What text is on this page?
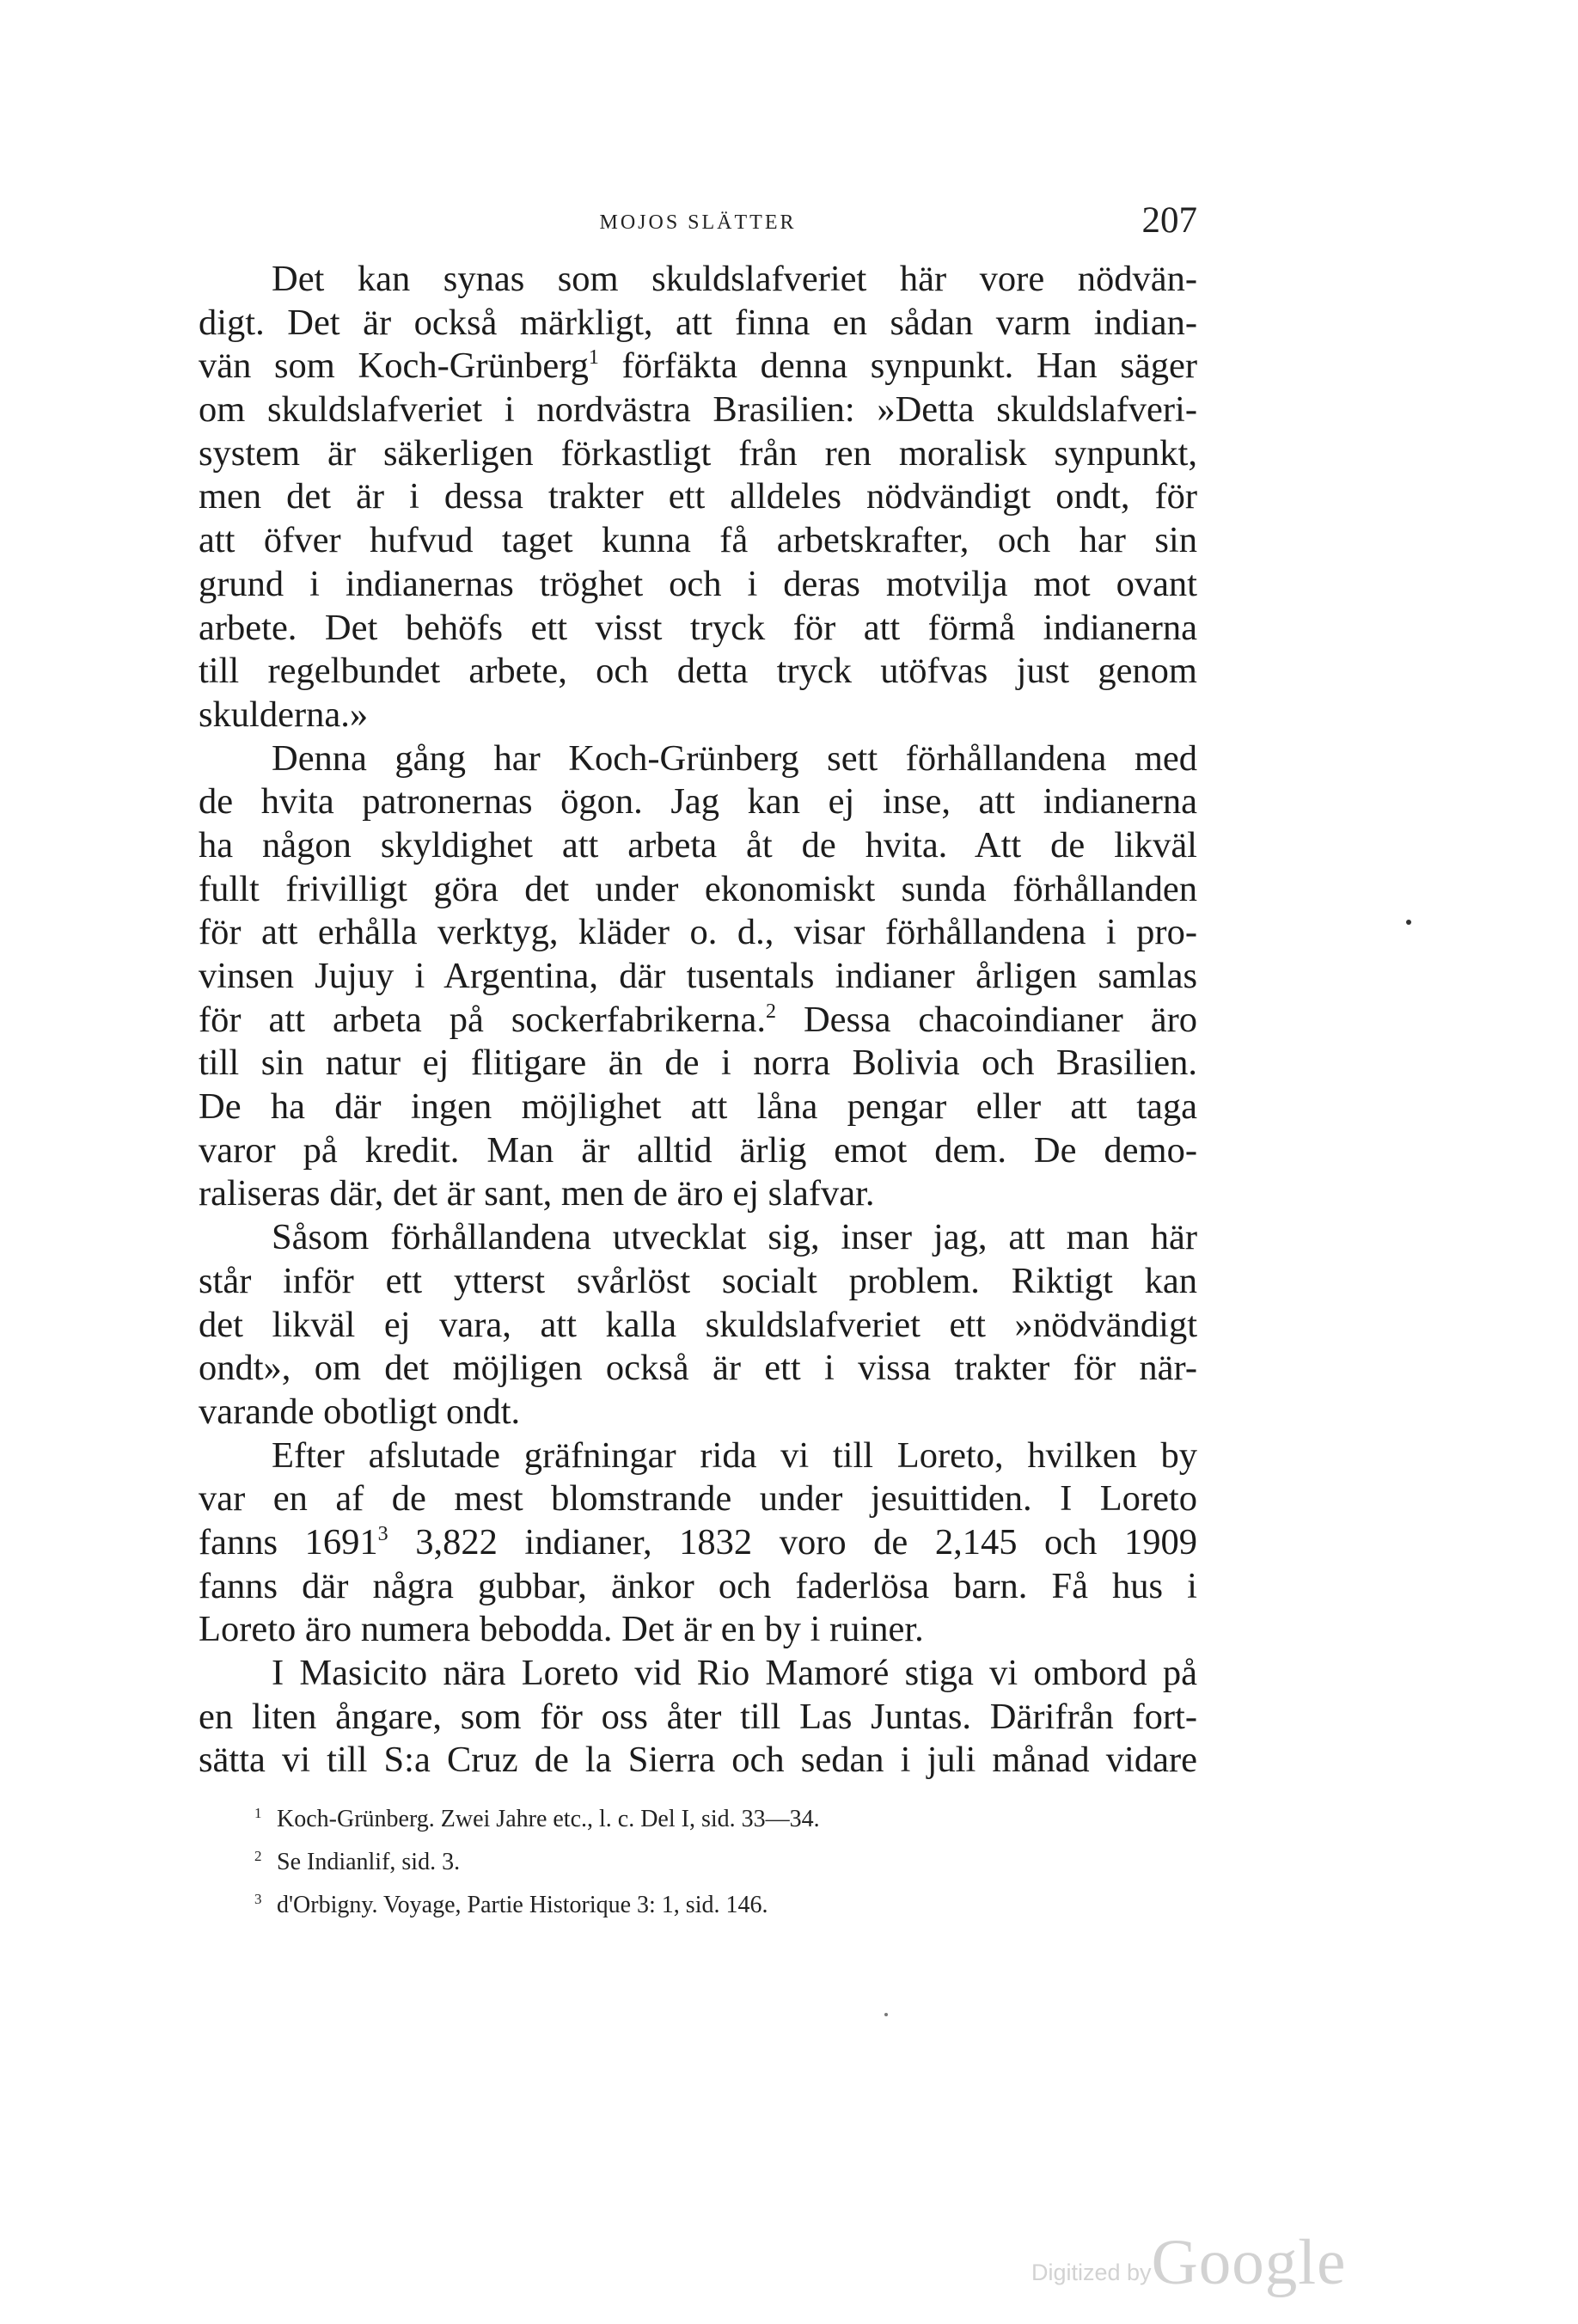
MOJOS SLÄTTER	207
Det kan synas som skuldslafveriet här vore nödvän-
digt. Det är också märkligt, att finna en sådan varm indian-
vän som Koch-Grünberg$^1$ förfäkta denna synpunkt. Han säger
om skuldslafveriet i nordvästra Brasilien: »Detta skuldslafveri-
system är säkerligen förkastligt från ren moralisk synpunkt,
men det är i dessa trakter ett alldeles nödvändigt ondt, för
att öfver hufvud taget kunna få arbetskrafter, och har sin
grund i indianernas tröghet och i deras motvilja mot ovant
arbete. Det behöfs ett visst tryck för att förmå indianerna
till regelbundet arbete, och detta tryck utöfvas just genom
skulderna.»
Denna gång har Koch-Grünberg sett förhållandena med
de hvita patronernas ögon. Jag kan ej inse, att indianerna
ha någon skyldighet att arbeta åt de hvita. Att de likväl
fullt frivilligt göra det under ekonomiskt sunda förhållanden
för att erhålla verktyg, kläder o. d., visar förhållandena i pro-
vinsen Jujuy i Argentina, där tusentals indianer årligen samlas
för att arbeta på sockerfabrikerna.$^2$ Dessa chacoindianer äro
till sin natur ej flitigare än de i norra Bolivia och Brasilien.
De ha där ingen möjlighet att låna pengar eller att taga
varor på kredit. Man är alltid ärlig emot dem. De demo-
raliseras där, det är sant, men de äro ej slafvar.
Såsom förhållandena utvecklat sig, inser jag, att man här
står inför ett ytterst svårlöst socialt problem. Riktigt kan
det likväl ej vara, att kalla skuldslafveriet ett »nödvändigt
ondt», om det möjligen också är ett i vissa trakter för när-
varande obotligt ondt.
Efter afslutade gräfningar rida vi till Loreto, hvilken by
var en af de mest blomstrande under jesuittiden. I Loreto
fanns 1691$^3$ 3,822 indianer, 1832 voro de 2,145 och 1909
fanns där några gubbar, änkor och faderlösa barn. Få hus i
Loreto äro numera bebodda. Det är en by i ruiner.
I Masicito nära Loreto vid Rio Mamoré stiga vi ombord på
en liten ångare, som för oss åter till Las Juntas. Därifrån fort-
sätta vi till S:a Cruz de la Sierra och sedan i juli månad vidare
1 Koch-Grünberg. Zwei Jahre etc., l. c. Del I, sid. 33—34.
2 Se Indianlif, sid. 3.
3 d'Orbigny. Voyage, Partie Historique 3: 1, sid. 146.
Digitized byGoogle
